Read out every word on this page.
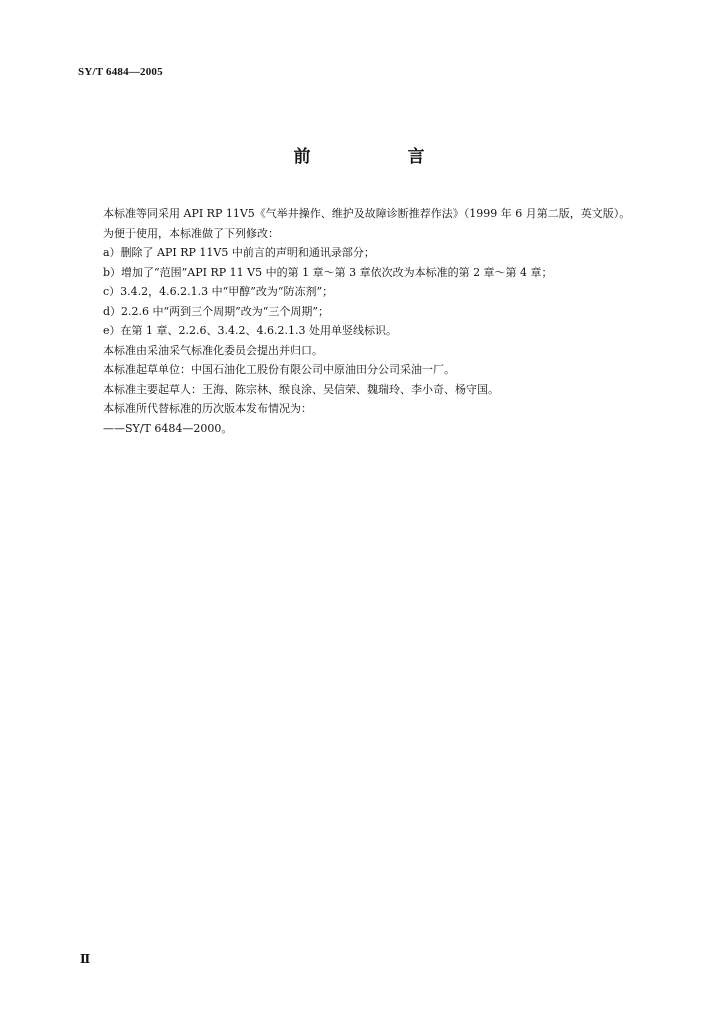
SY/T 6484—2005
前　言

本标准等同采用 API RP 11V5《气举井操作、维护及故障诊断推荐作法》（1999 年 6 月第二版，英文版）。

为便于使用，本标准做了下列修改：

a）删除了 API RP 11V5 中前言的声明和通讯录部分；

b）增加了“范围”API RP 11 V5 中的第 1 章～第 3 章依次改为本标准的第 2 章～第 4 章；

c）3.4.2，4.6.2.1.3 中“甲醇”改为“防冻剂”；

d）2.2.6 中“两到三个周期”改为“三个周期”；

e）在第 1 章、2.2.6、3.4.2、4.6.2.1.3 处用单竖线标识。

本标准由采油采气标准化委员会提出并归口。

本标准起草单位：中国石油化工股份有限公司中原油田分公司采油一厂。

本标准主要起草人：王海、陈宗林、缑良涂、吴信荣、魏瑞玲、李小奇、杨守国。

本标准所代替标准的历次版本发布情况为：

——SY/T 6484—2000。

Ⅱ
